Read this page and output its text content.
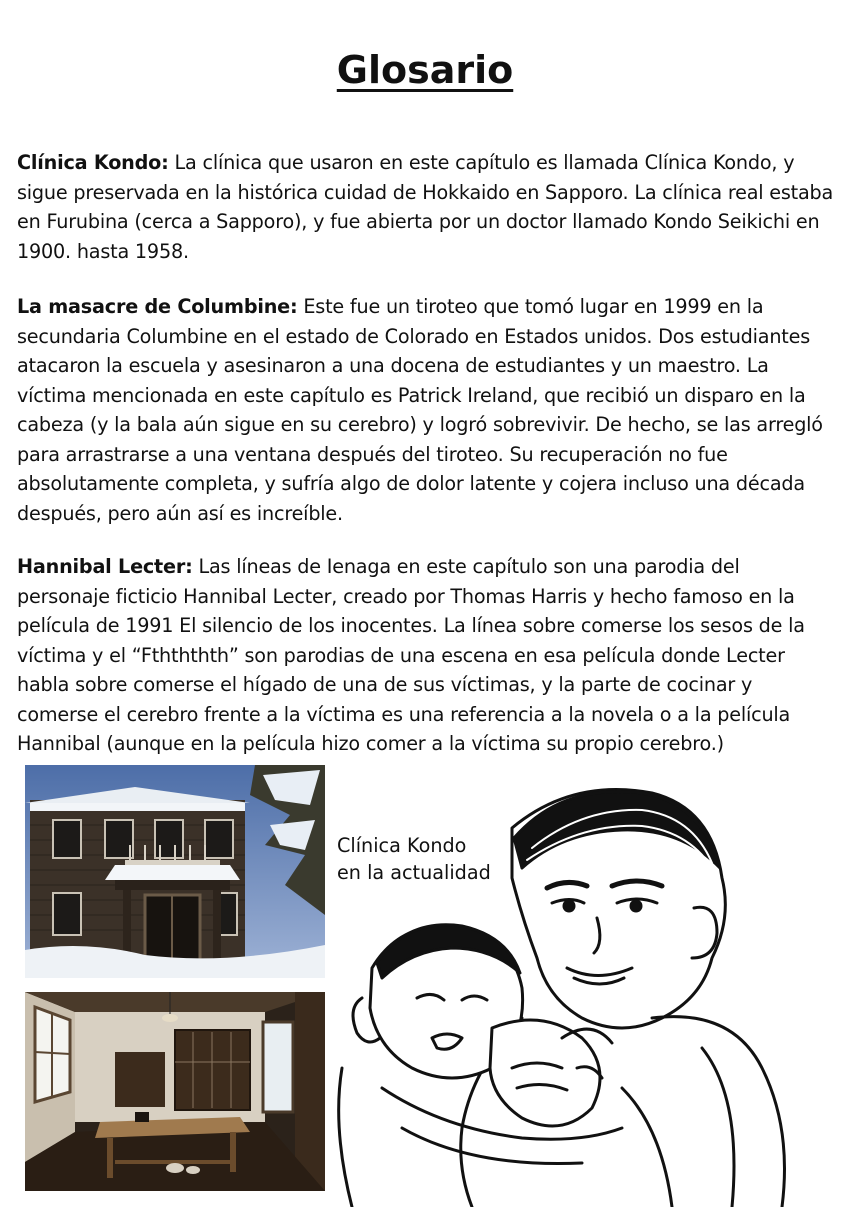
Glosario

Clínica Kondo: La clínica que usaron en este capítulo es llamada Clínica Kondo, y sigue preservada en la histórica cuidad de Hokkaido en Sapporo. La clínica real estaba en Furubina (cerca a Sapporo), y fue abierta por un doctor llamado Kondo Seikichi en 1900. hasta 1958.

La masacre de Columbine: Este fue un tiroteo que tomó lugar en 1999 en la secundaria Columbine en el estado de Colorado en Estados unidos. Dos estudiantes atacaron la escuela y asesinaron a una docena de estudiantes y un maestro. La víctima mencionada en este capítulo es Patrick Ireland, que recibió un disparo en la cabeza (y la bala aún sigue en su cerebro) y logró sobrevivir. De hecho, se las arregló para arrastrarse a una ventana después del tiroteo. Su recuperación no fue absolutamente completa, y sufría algo de dolor latente y cojera incluso una década después, pero aún así es increíble.

Hannibal Lecter: Las líneas de Ienaga en este capítulo son una parodia del personaje ficticio Hannibal Lecter, creado por Thomas Harris y hecho famoso en la película de 1991 El silencio de los inocentes. La línea sobre comerse los sesos de la víctima y el “Fthththth” son parodias de una escena en esa película donde Lecter habla sobre comerse el hígado de una de sus víctimas, y la parte de cocinar y comerse el cerebro frente a la víctima es una referencia a la novela o a la película Hannibal (aunque en la película hizo comer a la víctima su propio cerebro.)

Clínica Kondo
en la actualidad
